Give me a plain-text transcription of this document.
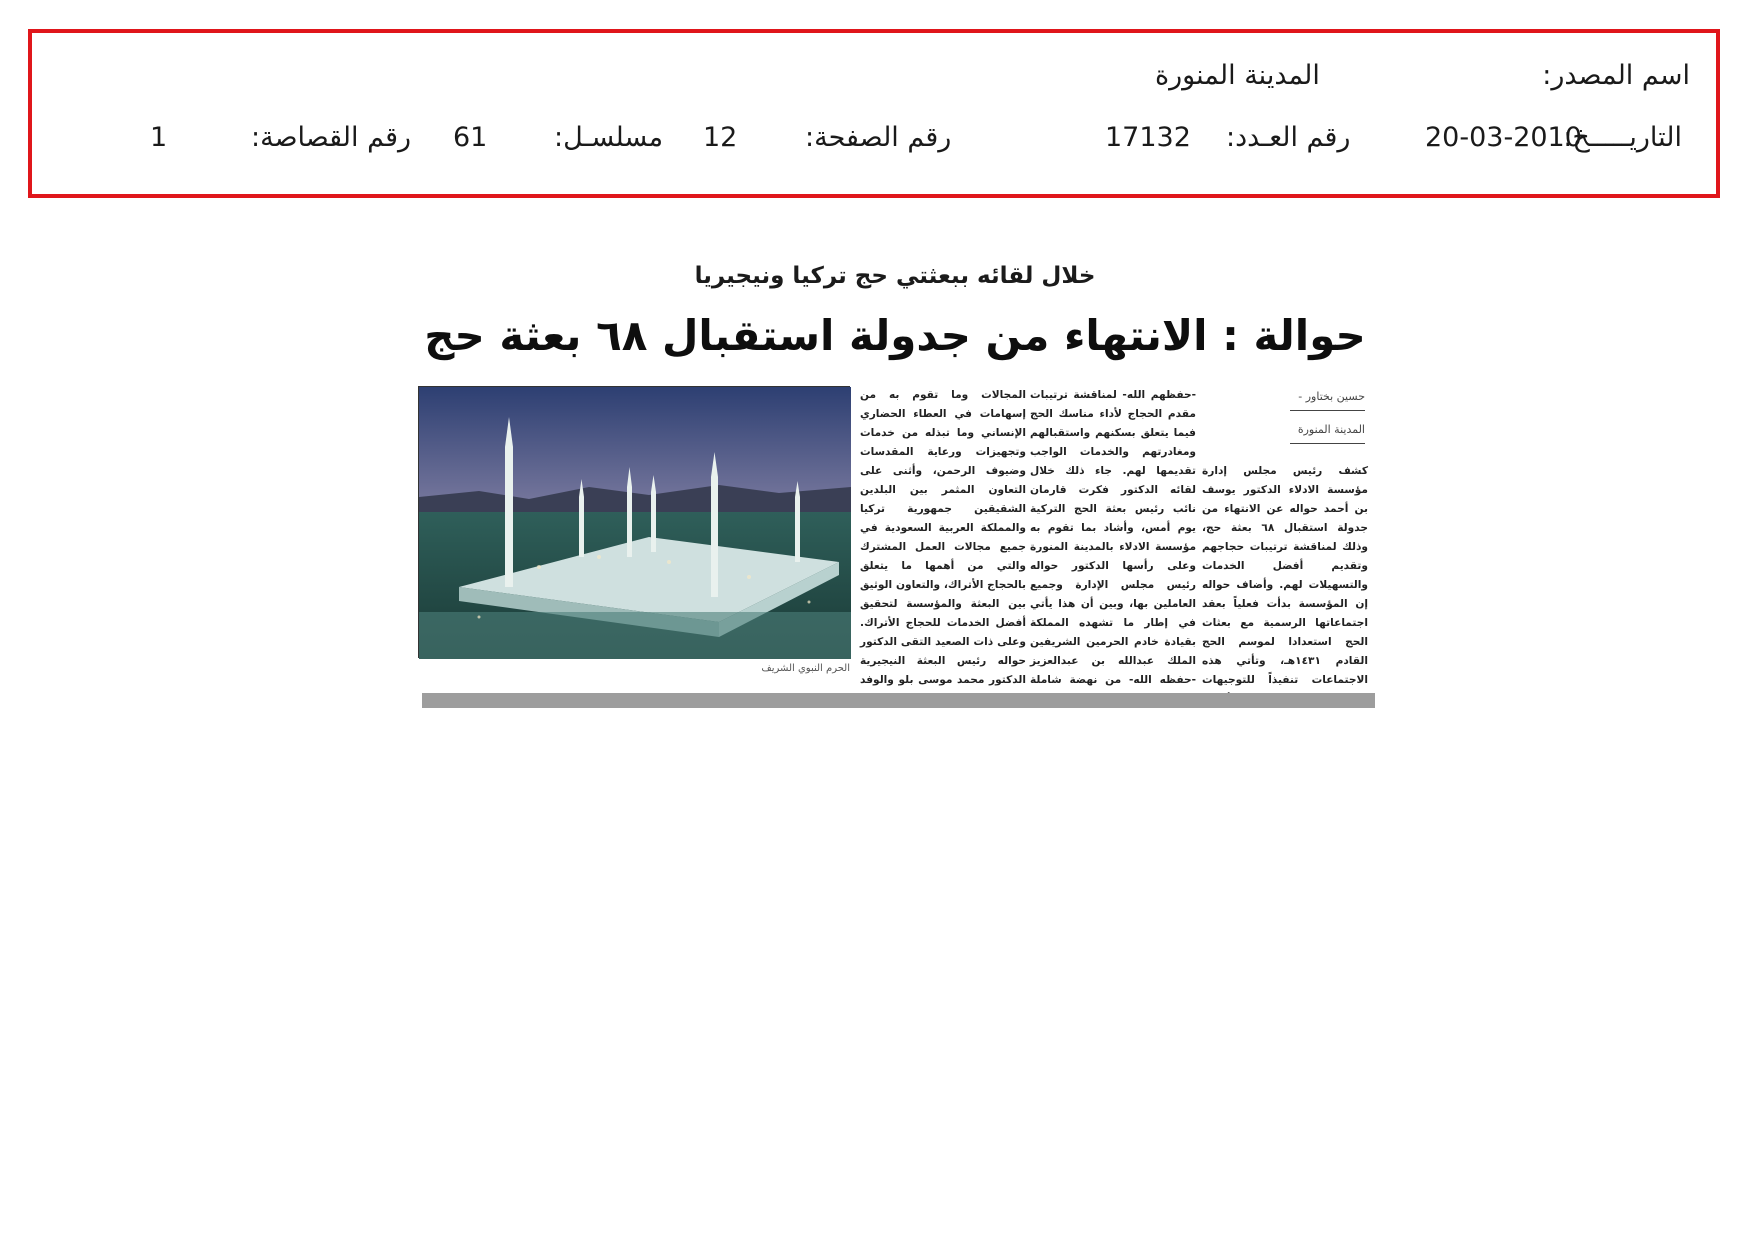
اسم المصدر:
المدينة المنورة
التاريـــــخ:
20-03-2010
رقم العـدد:
17132
رقم الصفحة:
12
مسلسـل:
61
رقم القصاصة:
1
خلال لقائه ببعثتي حج تركيا ونيجيريا
حوالة : الانتهاء من جدولة استقبال ٦٨ بعثة حج
حسين بختاور -
المدينة المنورة

كشف رئيس مجلس إدارة مؤسسة الادلاء الدكتور يوسف بن أحمد حواله عن الانتهاء من جدولة استقبال ٦٨ بعثة حج، وذلك لمناقشة ترتيبات حجاجهم وتقديم أفضل الخدمات والتسهيلات لهم. وأضاف حواله إن المؤسسة بدأت فعلياً بعقد اجتماعاتها الرسمية مع بعثات الحج استعدادا لموسم الحج القادم ١٤٣١هـ، وتأتي هذه الاجتماعات تنفيذاً للتوجيهات

-حفظهم الله- لمناقشة ترتيبات مقدم الحجاج لأداء مناسك الحج فيما يتعلق بسكنهم واستقبالهم ومغادرتهم والخدمات الواجب تقديمها لهم. جاء ذلك خلال لقائه الدكتور فكرت قارمان نائب رئيس بعثة الحج التركية يوم أمس، وأشاد بما تقوم به مؤسسة الادلاء بالمدينة المنورة وعلى رأسها الدكتور حواله رئيس مجلس الإدارة وجميع العاملين بها، وبين أن هذا يأتي في إطار ما تشهده المملكة بقيادة خادم الحرمين الشريفين الملك عبدالله بن عبدالعزيز -حفظه الله- من نهضة شاملة

المجالات وما تقوم به من إسهامات في العطاء الحضاري الإنساني وما تبذله من خدمات وتجهيزات ورعاية المقدسات وضيوف الرحمن، وأثنى على التعاون المثمر بين البلدين الشقيقين جمهورية تركيا والمملكة العربية السعودية في جميع مجالات العمل المشترك والتي من أهمها ما يتعلق بالحجاج الأتراك، والتعاون الوثيق بين البعثة والمؤسسة لتحقيق أفضل الخدمات للحجاج الأتراك. وعلى ذات الصعيد التقى الدكتور حواله رئيس البعثة النيجيرية الدكتور محمد موسى بلو والوفد

الحرم النبوي الشريف
